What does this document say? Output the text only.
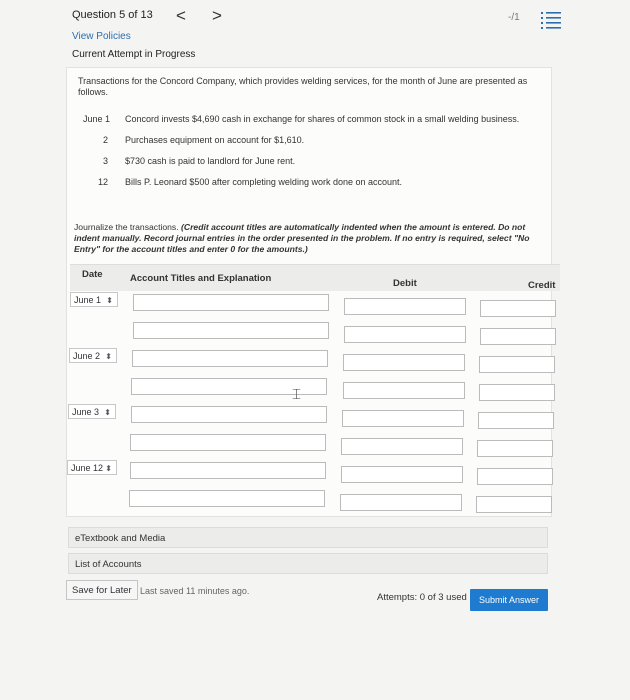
Question 5 of 13 < >	-/1
View Policies
Current Attempt in Progress
Transactions for the Concord Company, which provides welding services, for the month of June are presented as follows.
June 1 Concord invests $4,690 cash in exchange for shares of common stock in a small welding business.
2 Purchases equipment on account for $1,610.
3 $730 cash is paid to landlord for June rent.
12 Bills P. Leonard $500 after completing welding work done on account.
Journalize the transactions. (Credit account titles are automatically indented when the amount is entered. Do not indent manually. Record journal entries in the order presented in the problem. If no entry is required, select "No Entry" for the account titles and enter 0 for the amounts.)
Date	Account Titles and Explanation	Debit	Credit
June 1 ⬍
June 2 ⬍
June 3 ⬍
June 12 ⬍
⌶
eTextbook and Media
List of Accounts
Save for Later Last saved 11 minutes ago.
Attempts: 0 of 3 used	Submit Answer
